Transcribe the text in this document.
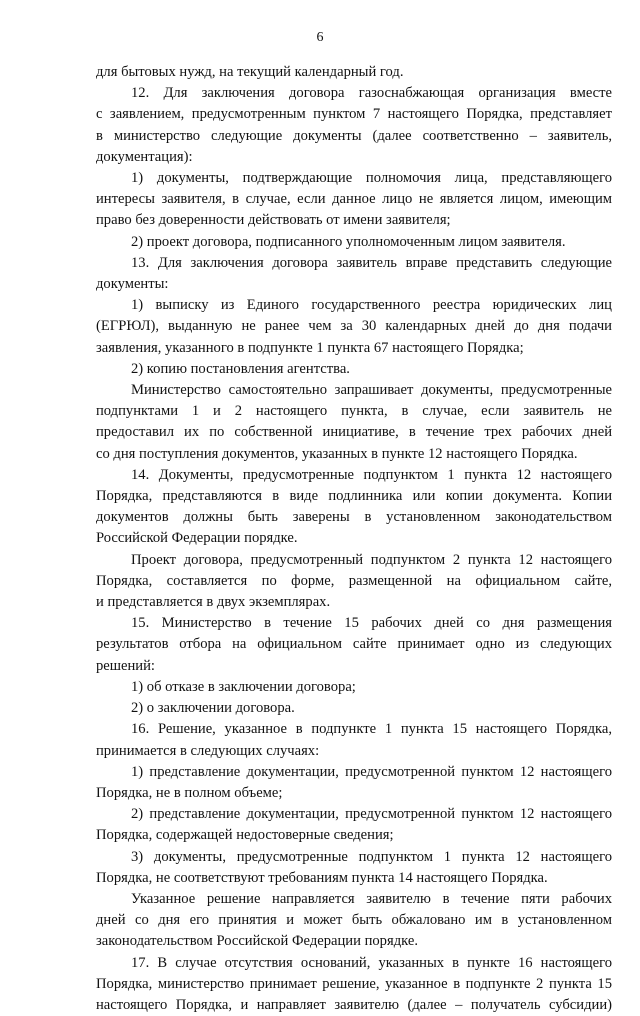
6

для бытовых нужд, на текущий календарный год.

12. Для заключения договора газоснабжающая организация вместе

с заявлением, предусмотренным пунктом 7 настоящего Порядка, представляет

в министерство следующие документы (далее соответственно – заявитель,

документация):

1) документы, подтверждающие полномочия лица, представляющего

интересы заявителя, в случае, если данное лицо не является лицом, имеющим

право без доверенности действовать от имени заявителя;

2) проект договора, подписанного уполномоченным лицом заявителя.

13. Для заключения договора заявитель вправе представить следующие

документы:

1) выписку из Единого государственного реестра юридических лиц

(ЕГРЮЛ), выданную не ранее чем за 30 календарных дней до дня подачи

заявления, указанного в подпункте 1 пункта 67 настоящего Порядка;

2) копию постановления агентства.

Министерство самостоятельно запрашивает документы, предусмотренные

подпунктами 1 и 2 настоящего пункта, в случае, если заявитель не

предоставил их по собственной инициативе, в течение трех рабочих дней

со дня поступления документов, указанных в пункте 12 настоящего Порядка.

14. Документы, предусмотренные подпунктом 1 пункта 12 настоящего

Порядка, представляются в виде подлинника или копии документа. Копии

документов должны быть заверены в установленном законодательством

Российской Федерации порядке.

Проект договора, предусмотренный подпунктом 2 пункта 12 настоящего

Порядка, составляется по форме, размещенной на официальном сайте,

и представляется в двух экземплярах.

15. Министерство в течение 15 рабочих дней со дня размещения

результатов отбора на официальном сайте принимает одно из следующих

решений:

1) об отказе в заключении договора;

2) о заключении договора.

16. Решение, указанное в подпункте 1 пункта 15 настоящего Порядка,

принимается в следующих случаях:

1) представление документации, предусмотренной пунктом 12 настоящего

Порядка, не в полном объеме;

2) представление документации, предусмотренной пунктом 12 настоящего

Порядка, содержащей недостоверные сведения;

3) документы, предусмотренные подпунктом 1 пункта 12 настоящего

Порядка, не соответствуют требованиям пункта 14 настоящего Порядка.

Указанное решение направляется заявителю в течение пяти рабочих

дней со дня его принятия и может быть обжаловано им в установленном

законодательством Российской Федерации порядке.

17. В случае отсутствия оснований, указанных в пункте 16 настоящего

Порядка, министерство принимает решение, указанное в подпункте 2 пункта 15

настоящего Порядка, и направляет заявителю (далее – получатель субсидии)
